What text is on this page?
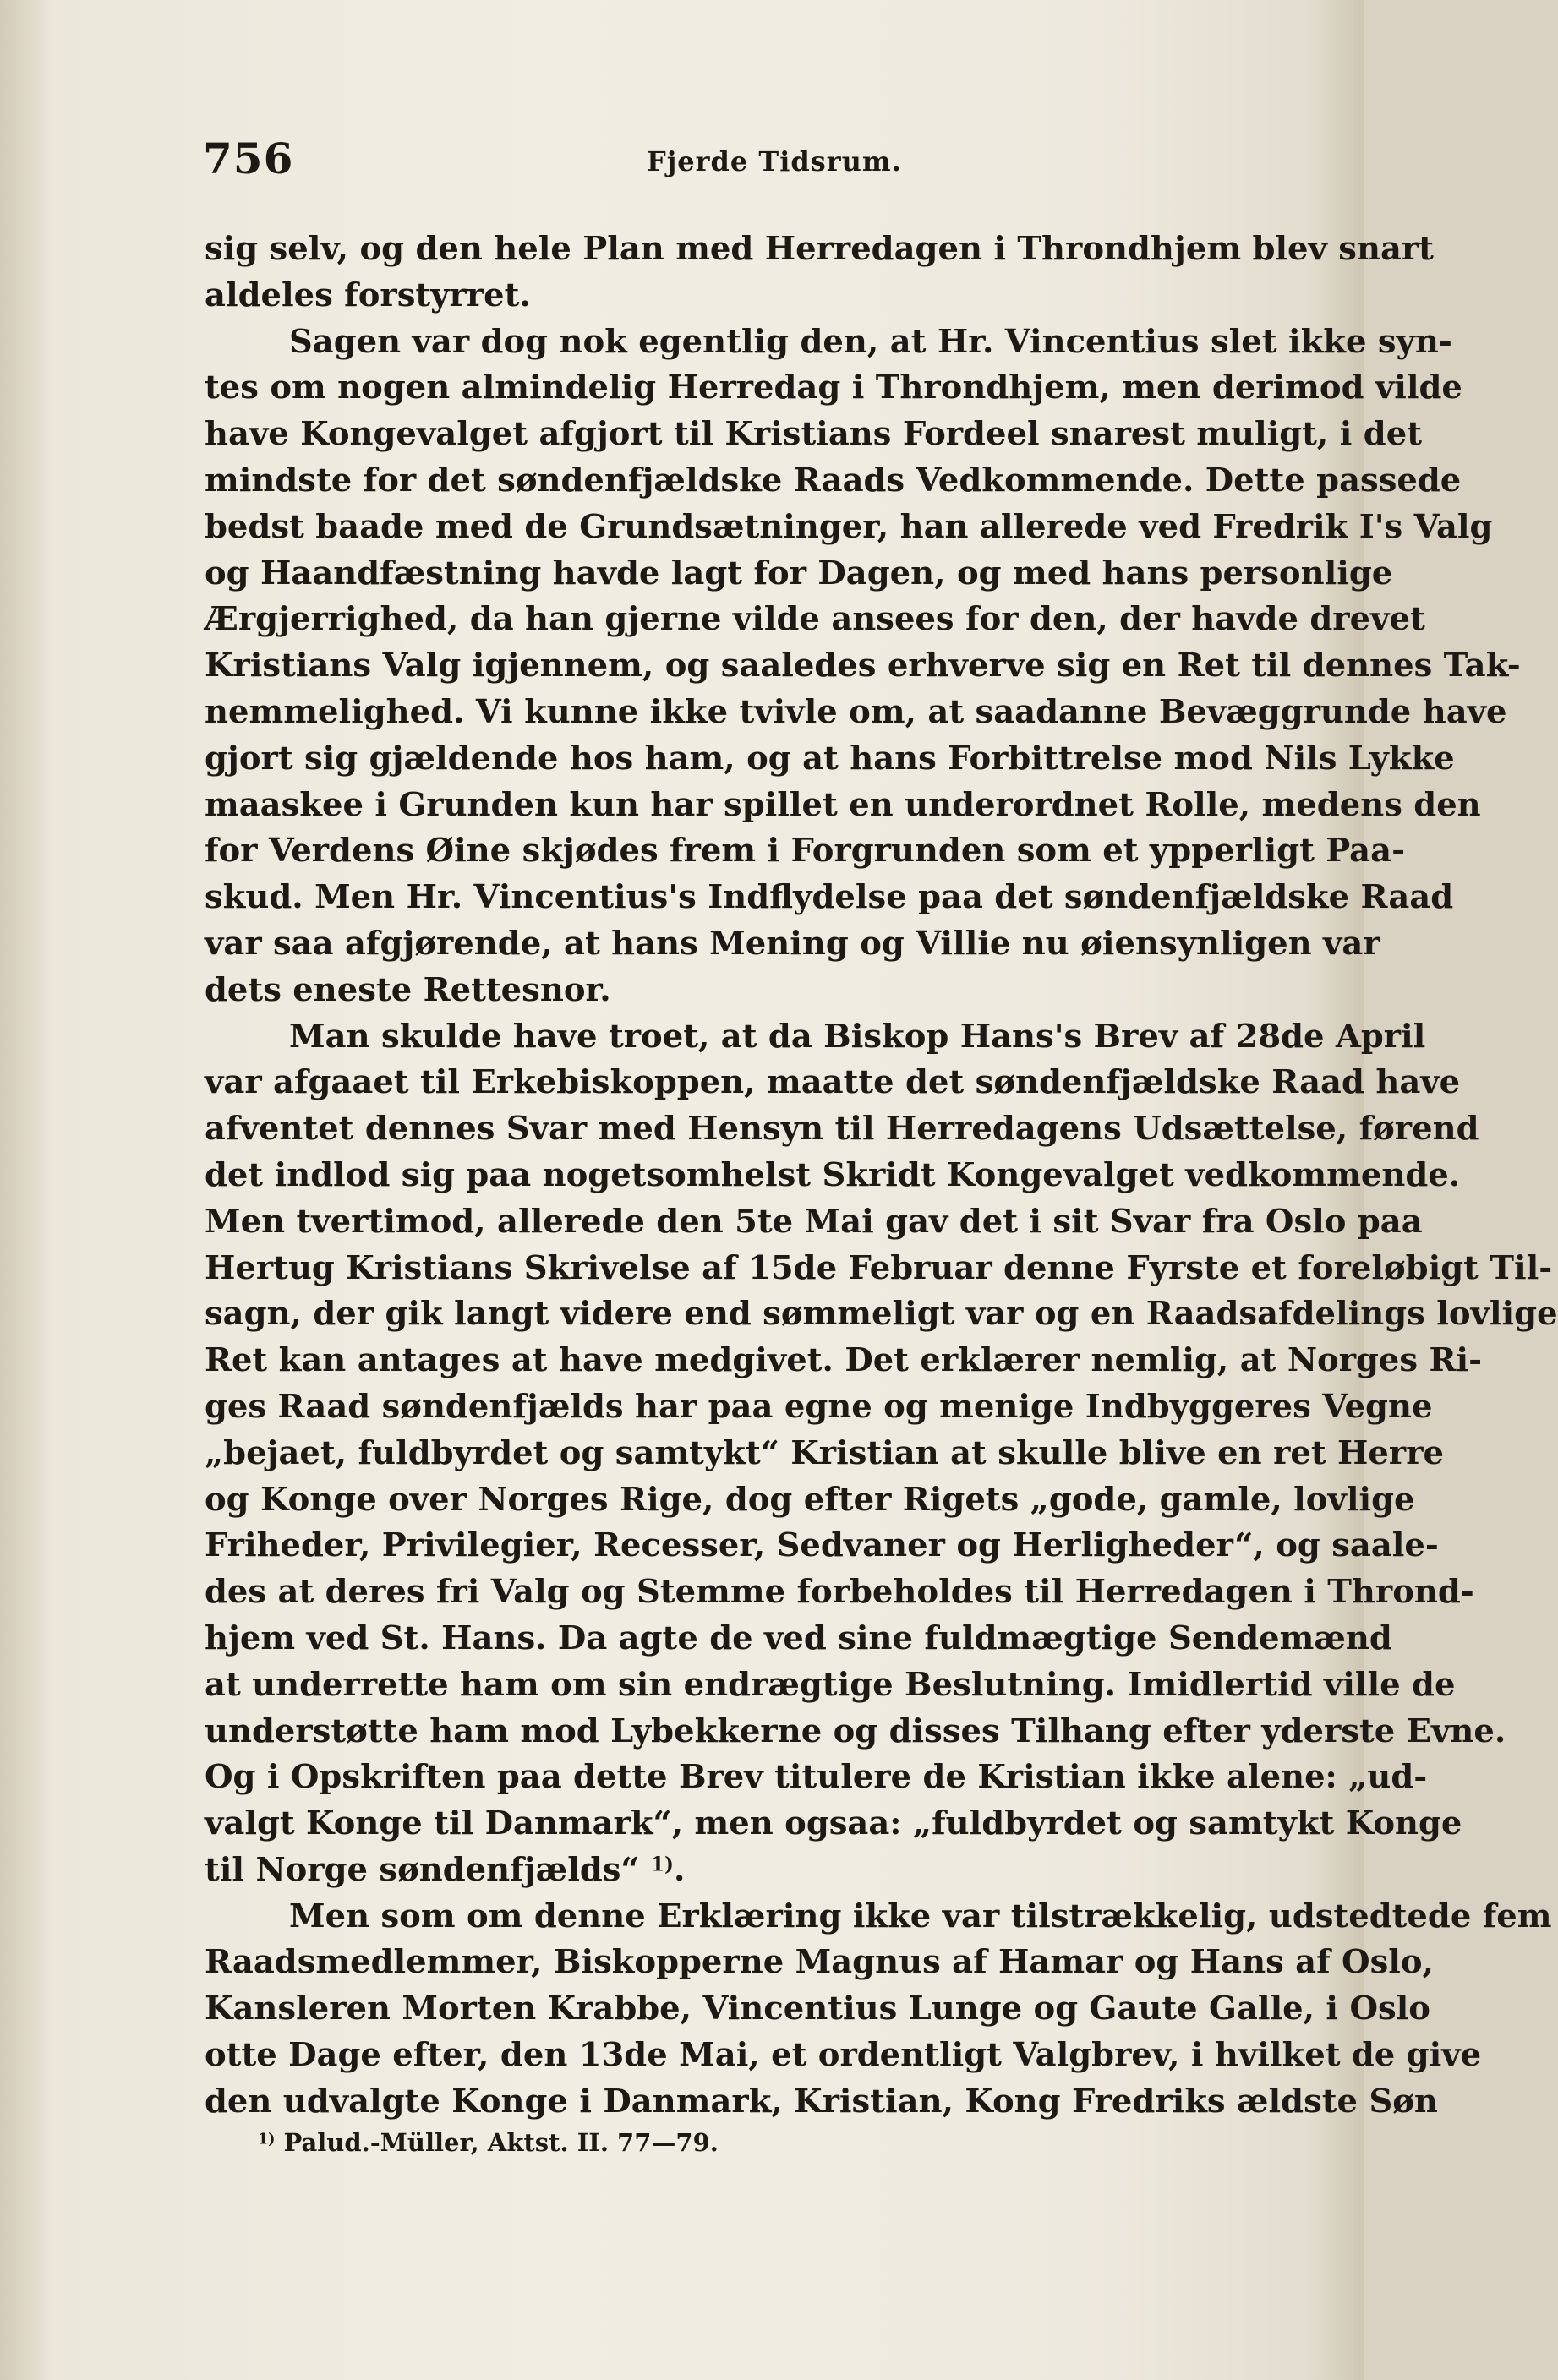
756	Fjerde Tidsrum.
sig selv, og den hele Plan med Herredagen i Throndhjem blev snart
aldeles forstyrret.
Sagen var dog nok egentlig den, at Hr. Vincentius slet ikke syn-
tes om nogen almindelig Herredag i Throndhjem, men derimod vilde
have Kongevalget afgjort til Kristians Fordeel snarest muligt, i det
mindste for det søndenfjældske Raads Vedkommende. Dette passede
bedst baade med de Grundsætninger, han allerede ved Fredrik I's Valg
og Haandfæstning havde lagt for Dagen, og med hans personlige
Ærgjerrighed, da han gjerne vilde ansees for den, der havde drevet
Kristians Valg igjennem, og saaledes erhverve sig en Ret til dennes Tak-
nemmelighed. Vi kunne ikke tvivle om, at saadanne Bevæggrunde have
gjort sig gjældende hos ham, og at hans Forbittrelse mod Nils Lykke
maaskee i Grunden kun har spillet en underordnet Rolle, medens den
for Verdens Øine skjødes frem i Forgrunden som et ypperligt Paa-
skud. Men Hr. Vincentius's Indflydelse paa det søndenfjældske Raad
var saa afgjørende, at hans Mening og Villie nu øiensynligen var
dets eneste Rettesnor.
Man skulde have troet, at da Biskop Hans's Brev af 28de April
var afgaaet til Erkebiskoppen, maatte det søndenfjældske Raad have
afventet dennes Svar med Hensyn til Herredagens Udsættelse, førend
det indlod sig paa nogetsomhelst Skridt Kongevalget vedkommende.
Men tvertimod, allerede den 5te Mai gav det i sit Svar fra Oslo paa
Hertug Kristians Skrivelse af 15de Februar denne Fyrste et foreløbigt Til-
sagn, der gik langt videre end sømmeligt var og en Raadsafdelings lovlige
Ret kan antages at have medgivet. Det erklærer nemlig, at Norges Ri-
ges Raad søndenfjælds har paa egne og menige Indbyggeres Vegne
„bejaet, fuldbyrdet og samtykt“ Kristian at skulle blive en ret Herre
og Konge over Norges Rige, dog efter Rigets „gode, gamle, lovlige
Friheder, Privilegier, Recesser, Sedvaner og Herligheder“, og saale-
des at deres fri Valg og Stemme forbeholdes til Herredagen i Thrond-
hjem ved St. Hans. Da agte de ved sine fuldmægtige Sendemænd
at underrette ham om sin endrægtige Beslutning. Imidlertid ville de
understøtte ham mod Lybekkerne og disses Tilhang efter yderste Evne.
Og i Opskriften paa dette Brev titulere de Kristian ikke alene: „ud-
valgt Konge til Danmark“, men ogsaa: „fuldbyrdet og samtykt Konge
til Norge søndenfjælds“ $^{1)}$.
Men som om denne Erklæring ikke var tilstrækkelig, udstedtede fem
Raadsmedlemmer, Biskopperne Magnus af Hamar og Hans af Oslo,
Kansleren Morten Krabbe, Vincentius Lunge og Gaute Galle, i Oslo
otte Dage efter, den 13de Mai, et ordentligt Valgbrev, i hvilket de give
den udvalgte Konge i Danmark, Kristian, Kong Fredriks ældste Søn
$^{1)}$ Palud.-Müller, Aktst. II. 77—79.
